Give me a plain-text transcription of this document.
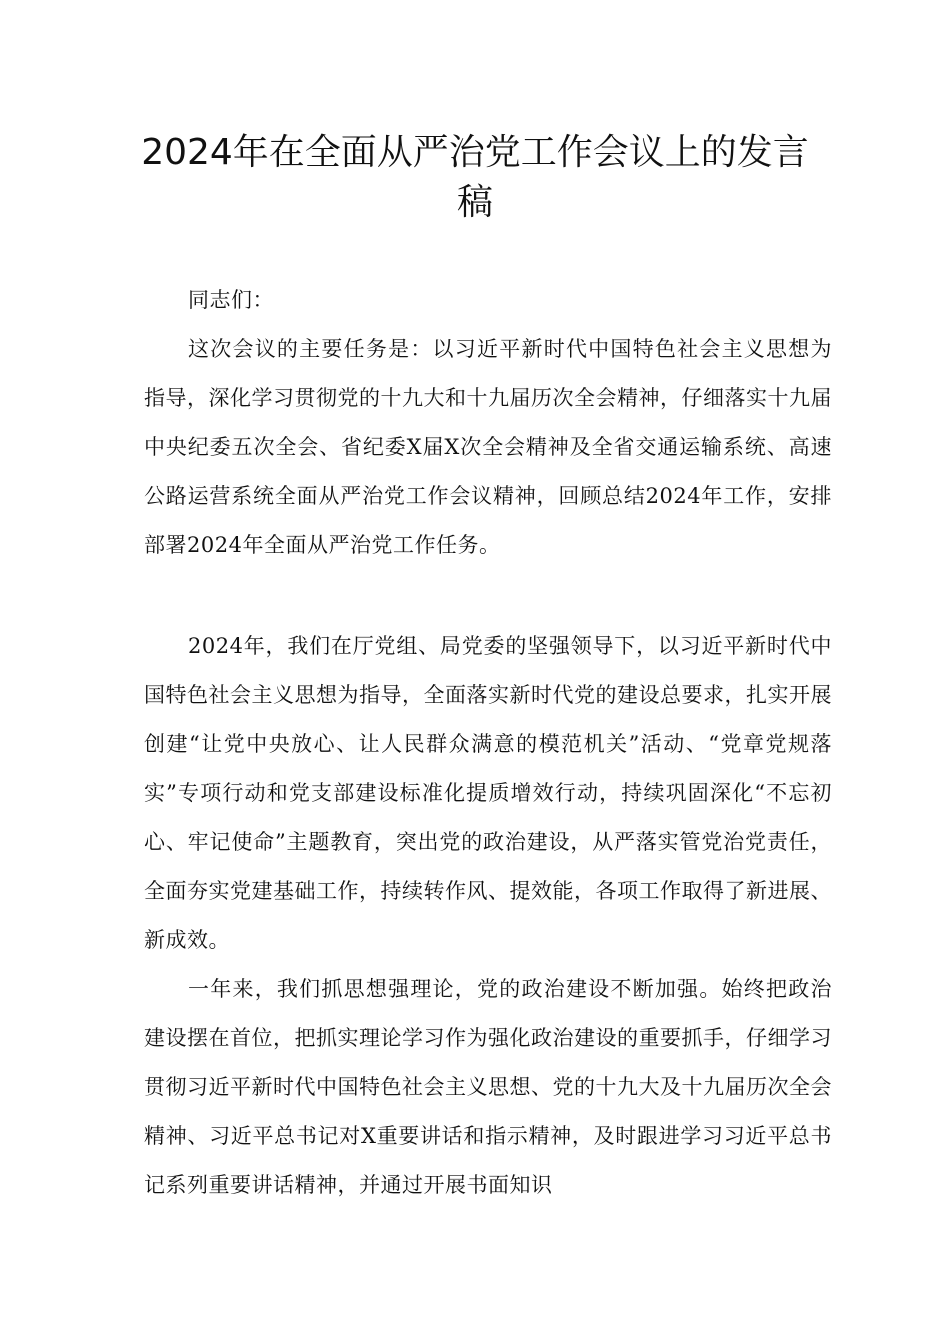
2024年在全面从严治党工作会议上的发言稿

同志们：

这次会议的主要任务是：以习近平新时代中国特色社会主义思想为指导，深化学习贯彻党的十九大和十九届历次全会精神，仔细落实十九届中央纪委五次全会、省纪委X届X次全会精神及全省交通运输系统、高速公路运营系统全面从严治党工作会议精神，回顾总结2024年工作，安排部署2024年全面从严治党工作任务。

2024年，我们在厅党组、局党委的坚强领导下，以习近平新时代中国特色社会主义思想为指导，全面落实新时代党的建设总要求，扎实开展创建“让党中央放心、让人民群众满意的模范机关”活动、“党章党规落实”专项行动和党支部建设标准化提质增效行动，持续巩固深化“不忘初心、牢记使命”主题教育，突出党的政治建设，从严落实管党治党责任，全面夯实党建基础工作，持续转作风、提效能，各项工作取得了新进展、新成效。

一年来，我们抓思想强理论，党的政治建设不断加强。始终把政治建设摆在首位，把抓实理论学习作为强化政治建设的重要抓手，仔细学习贯彻习近平新时代中国特色社会主义思想、党的十九大及十九届历次全会精神、习近平总书记对X重要讲话和指示精神，及时跟进学习习近平总书记系列重要讲话精神，并通过开展书面知识
